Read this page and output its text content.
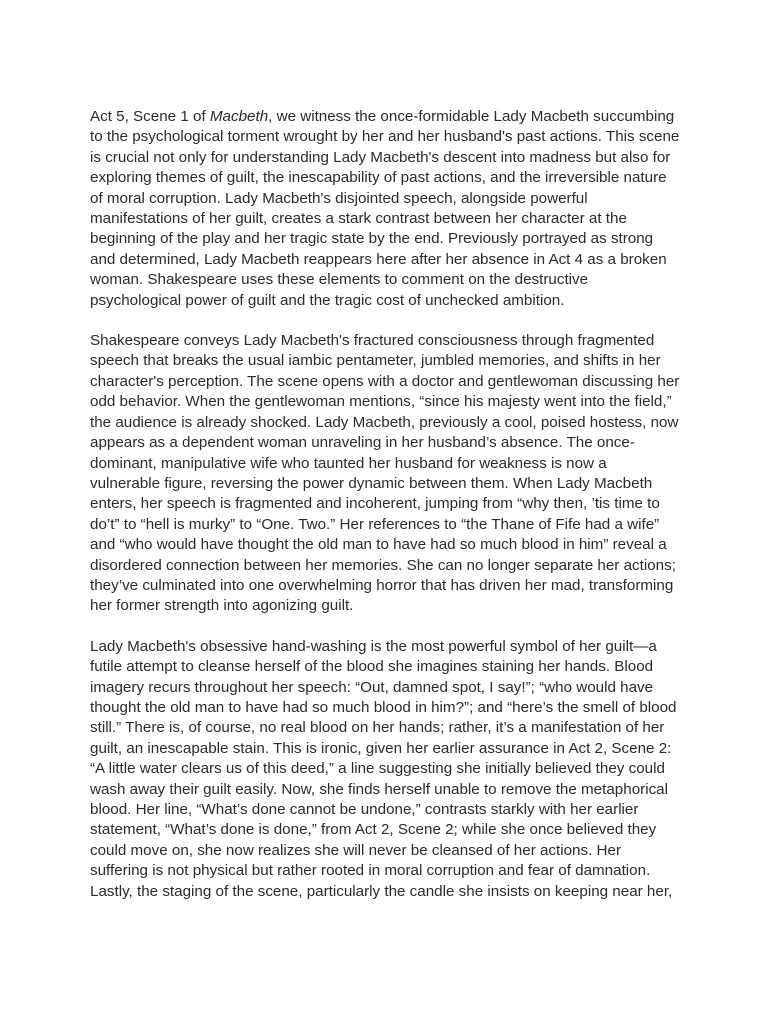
Act 5, Scene 1 of Macbeth, we witness the once-formidable Lady Macbeth succumbing to the psychological torment wrought by her and her husband's past actions. This scene is crucial not only for understanding Lady Macbeth's descent into madness but also for exploring themes of guilt, the inescapability of past actions, and the irreversible nature of moral corruption. Lady Macbeth's disjointed speech, alongside powerful manifestations of her guilt, creates a stark contrast between her character at the beginning of the play and her tragic state by the end. Previously portrayed as strong and determined, Lady Macbeth reappears here after her absence in Act 4 as a broken woman. Shakespeare uses these elements to comment on the destructive psychological power of guilt and the tragic cost of unchecked ambition.

Shakespeare conveys Lady Macbeth's fractured consciousness through fragmented speech that breaks the usual iambic pentameter, jumbled memories, and shifts in her character's perception. The scene opens with a doctor and gentlewoman discussing her odd behavior. When the gentlewoman mentions, “since his majesty went into the field,” the audience is already shocked. Lady Macbeth, previously a cool, poised hostess, now appears as a dependent woman unraveling in her husband’s absence. The once-dominant, manipulative wife who taunted her husband for weakness is now a vulnerable figure, reversing the power dynamic between them. When Lady Macbeth enters, her speech is fragmented and incoherent, jumping from “why then, ’tis time to do’t” to “hell is murky” to “One. Two.” Her references to “the Thane of Fife had a wife” and “who would have thought the old man to have had so much blood in him” reveal a disordered connection between her memories. She can no longer separate her actions; they’ve culminated into one overwhelming horror that has driven her mad, transforming her former strength into agonizing guilt.

Lady Macbeth's obsessive hand-washing is the most powerful symbol of her guilt—a futile attempt to cleanse herself of the blood she imagines staining her hands. Blood imagery recurs throughout her speech: “Out, damned spot, I say!”; “who would have thought the old man to have had so much blood in him?”; and “here’s the smell of blood still.” There is, of course, no real blood on her hands; rather, it’s a manifestation of her guilt, an inescapable stain. This is ironic, given her earlier assurance in Act 2, Scene 2: “A little water clears us of this deed,” a line suggesting she initially believed they could wash away their guilt easily. Now, she finds herself unable to remove the metaphorical blood. Her line, “What’s done cannot be undone,” contrasts starkly with her earlier statement, “What’s done is done,” from Act 2, Scene 2; while she once believed they could move on, she now realizes she will never be cleansed of her actions. Her suffering is not physical but rather rooted in moral corruption and fear of damnation. Lastly, the staging of the scene, particularly the candle she insists on keeping near her,
